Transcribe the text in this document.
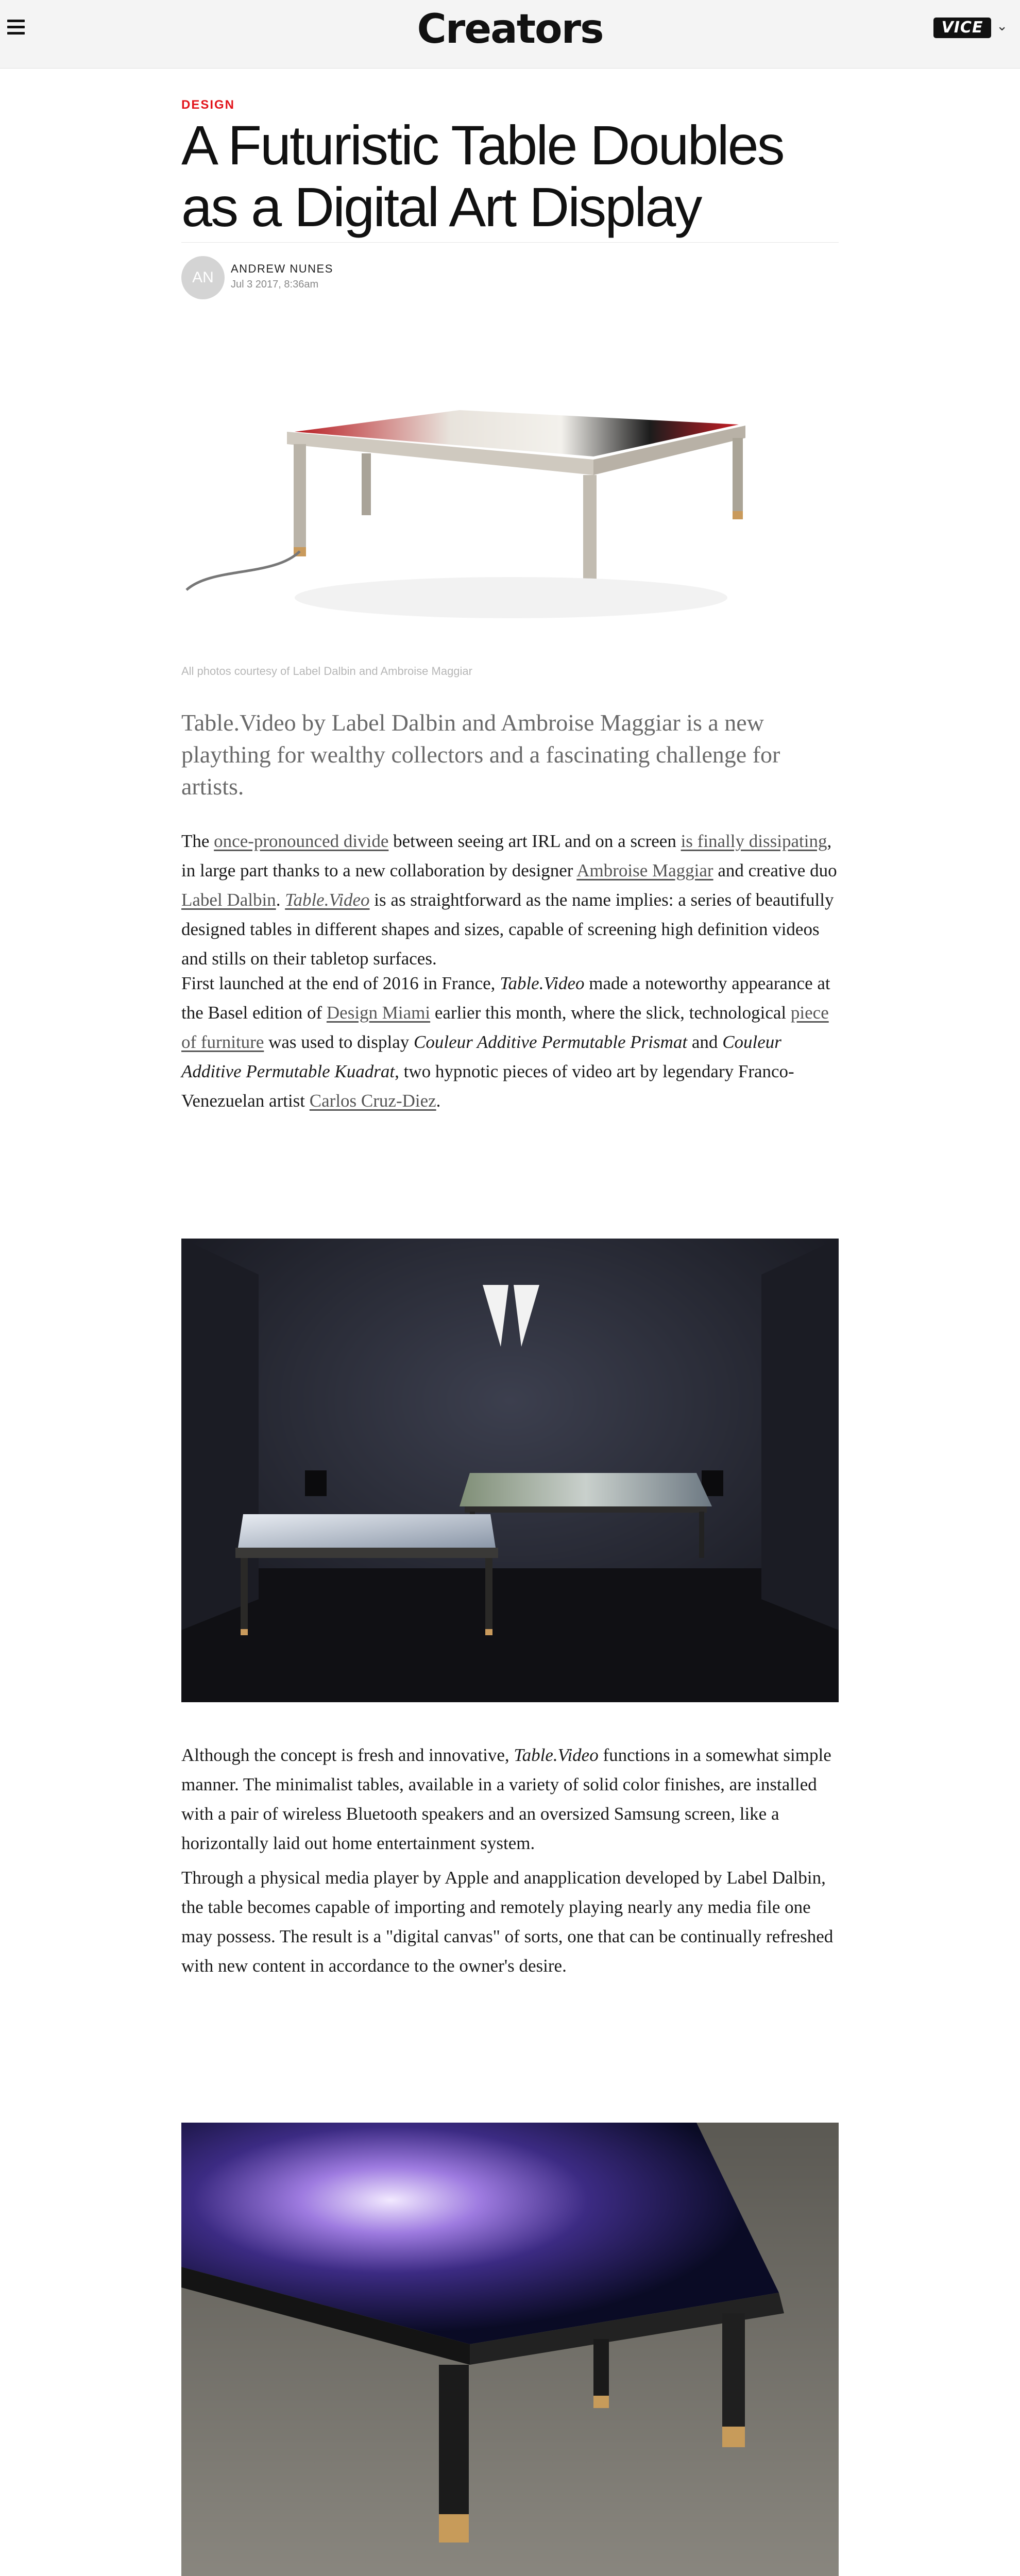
Creators	VICE ⌄
DESIGN
A Futuristic Table Doubles as a Digital Art Display
AN
ANDREW NUNES
Jul 3 2017, 8:36am
All photos courtesy of Label Dalbin and Ambroise Maggiar

Table.Video by Label Dalbin and Ambroise Maggiar is a new plaything for wealthy collectors and a fascinating challenge for artists.

The once-pronounced divide between seeing art IRL and on a screen is finally dissipating, in large part thanks to a new collaboration by designer Ambroise Maggiar and creative duo Label Dalbin. Table.Video is as straightforward as the name implies: a series of beautifully designed tables in different shapes and sizes, capable of screening high definition videos and stills on their tabletop surfaces.

First launched at the end of 2016 in France, Table.Video made a noteworthy appearance at the Basel edition of Design Miami earlier this month, where the slick, technological piece of furniture was used to display Couleur Additive Permutable Prismat and Couleur Additive Permutable Kuadrat, two hypnotic pieces of video art by legendary Franco-Venezuelan artist Carlos Cruz-Diez.

Although the concept is fresh and innovative, Table.Video functions in a somewhat simple manner. The minimalist tables, available in a variety of solid color finishes, are installed with a pair of wireless Bluetooth speakers and an oversized Samsung screen, like a horizontally laid out home entertainment system.

Through a physical media player by Apple and anapplication developed by Label Dalbin, the table becomes capable of importing and remotely playing nearly any media file one may possess. The result is a "digital canvas" of sorts, one that can be continually refreshed with new content in accordance to the owner's desire.
